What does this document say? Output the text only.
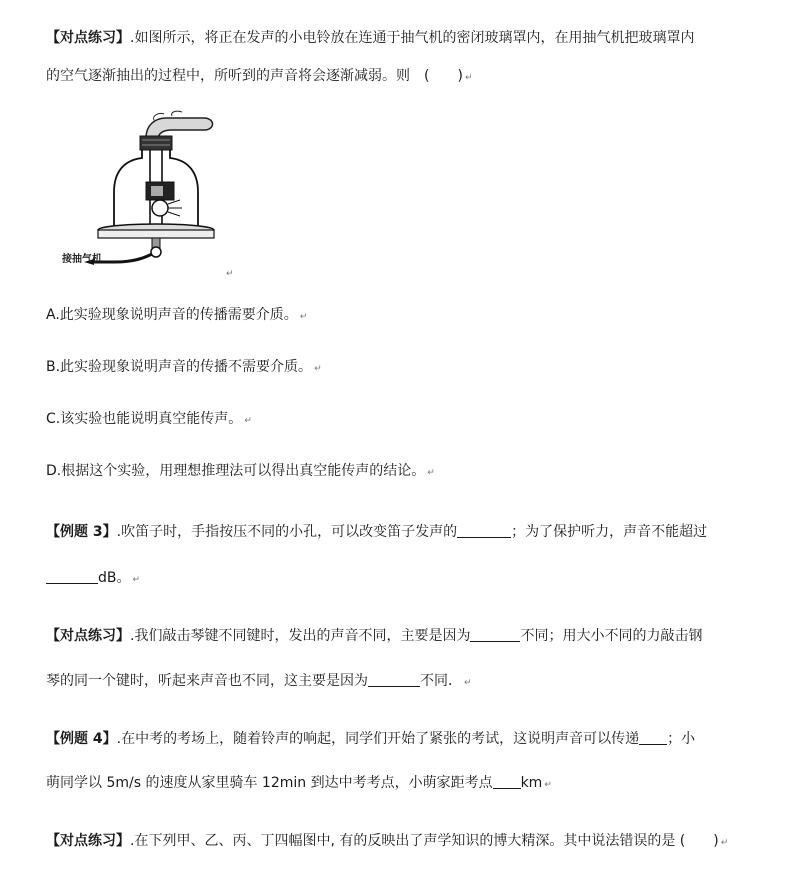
【对点练习】.如图所示，将正在发声的小电铃放在连通于抽气机的密闭玻璃罩内，在用抽气机把玻璃罩内
的空气逐渐抽出的过程中，所听到的声音将会逐渐减弱。则　(　　) ↵
接抽气机
↵
A.此实验现象说明声音的传播需要介质。 ↵
B.此实验现象说明声音的传播不需要介质。 ↵
C.该实验也能说明真空能传声。 ↵
D.根据这个实验，用理想推理法可以得出真空能传声的结论。 ↵
【例题 3】.吹笛子时，手指按压不同的小孔，可以改变笛子发声的	；为了保护听力，声音不能超过
dB。 ↵
【对点练习】.我们敲击琴键不同键时，发出的声音不同，主要是因为	不同；用大小不同的力敲击钢
琴的同一个键时，听起来声音也不同，这主要是因为	不同． ↵
【例题 4】.在中考的考场上，随着铃声的响起，同学们开始了紧张的考试，这说明声音可以传递 ；小
萌同学以 5m/s 的速度从家里骑车 12min 到达中考考点，小萌家距考点 km ↵
【对点练习】.在下列甲、乙、丙、丁四幅图中, 有的反映出了声学知识的博大精深。其中说法错误的是 (　　) ↵
